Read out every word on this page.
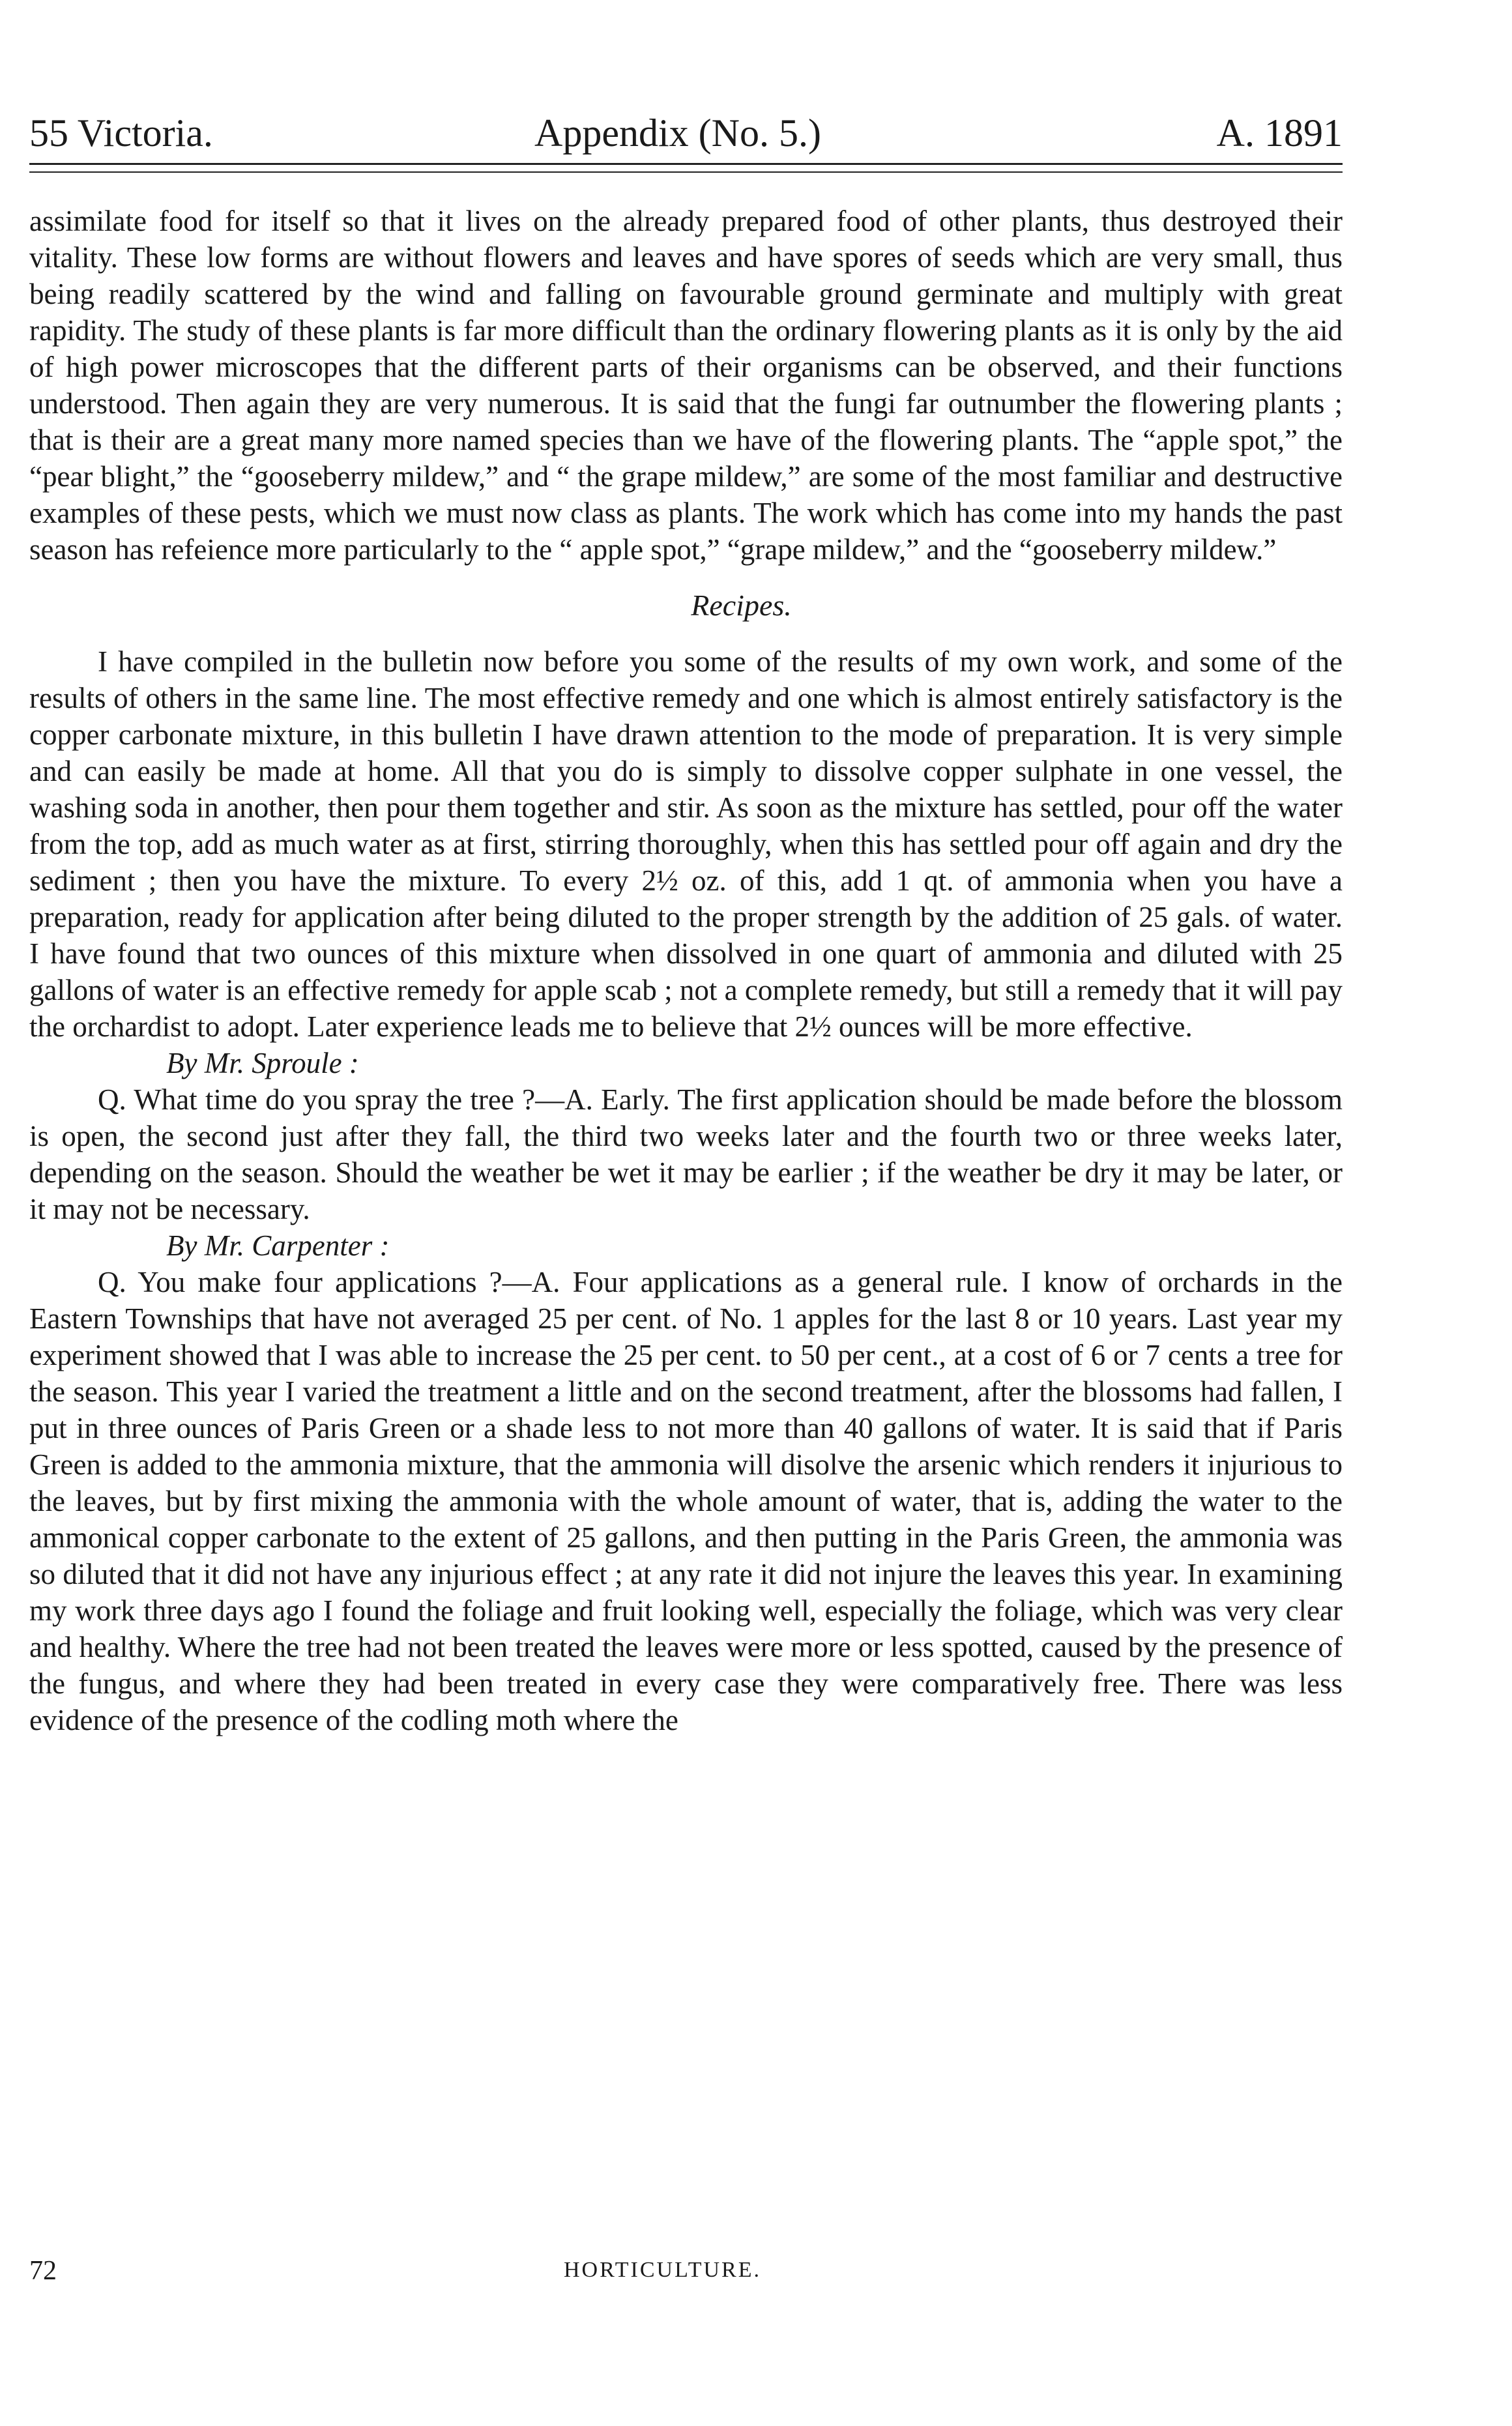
55 Victoria.	Appendix (No. 5.)	A. 1891

assimilate food for itself so that it lives on the already prepared food of other plants, thus destroyed their vitality. These low forms are without flowers and leaves and have spores of seeds which are very small, thus being readily scattered by the wind and falling on favourable ground germinate and multiply with great rapidity. The study of these plants is far more difficult than the ordinary flowering plants as it is only by the aid of high power microscopes that the different parts of their organisms can be observed, and their functions understood. Then again they are very numerous. It is said that the fungi far outnumber the flowering plants ; that is their are a great many more named species than we have of the flowering plants. The “apple spot,” the “pear blight,” the “gooseberry mildew,” and “ the grape mildew,” are some of the most familiar and destructive examples of these pests, which we must now class as plants. The work which has come into my hands the past season has refeience more particularly to the “ apple spot,” “grape mildew,” and the “gooseberry mildew.”

Recipes.

I have compiled in the bulletin now before you some of the results of my own work, and some of the results of others in the same line. The most effective remedy and one which is almost entirely satisfactory is the copper carbonate mixture, in this bulletin I have drawn attention to the mode of preparation. It is very simple and can easily be made at home. All that you do is simply to dissolve copper sulphate in one vessel, the washing soda in another, then pour them together and stir. As soon as the mixture has settled, pour off the water from the top, add as much water as at first, stirring thoroughly, when this has settled pour off again and dry the sediment ; then you have the mixture. To every 2½ oz. of this, add 1 qt. of ammonia when you have a preparation, ready for application after being diluted to the proper strength by the addition of 25 gals. of water. I have found that two ounces of this mixture when dissolved in one quart of ammonia and diluted with 25 gallons of water is an effective remedy for apple scab ; not a complete remedy, but still a remedy that it will pay the orchardist to adopt. Later experience leads me to believe that 2½ ounces will be more effective.

By Mr. Sproule :

Q. What time do you spray the tree ?—A. Early. The first application should be made before the blossom is open, the second just after they fall, the third two weeks later and the fourth two or three weeks later, depending on the season. Should the weather be wet it may be earlier ; if the weather be dry it may be later, or it may not be necessary.

By Mr. Carpenter :

Q. You make four applications ?—A. Four applications as a general rule. I know of orchards in the Eastern Townships that have not averaged 25 per cent. of No. 1 apples for the last 8 or 10 years. Last year my experiment showed that I was able to increase the 25 per cent. to 50 per cent., at a cost of 6 or 7 cents a tree for the season. This year I varied the treatment a little and on the second treatment, after the blossoms had fallen, I put in three ounces of Paris Green or a shade less to not more than 40 gallons of water. It is said that if Paris Green is added to the ammonia mixture, that the ammonia will disolve the arsenic which renders it injurious to the leaves, but by first mixing the ammonia with the whole amount of water, that is, adding the water to the ammonical copper carbonate to the extent of 25 gallons, and then putting in the Paris Green, the ammonia was so diluted that it did not have any injurious effect ; at any rate it did not injure the leaves this year. In examining my work three days ago I found the foliage and fruit looking well, especially the foliage, which was very clear and healthy. Where the tree had not been treated the leaves were more or less spotted, caused by the presence of the fungus, and where they had been treated in every case they were comparatively free. There was less evidence of the presence of the codling moth where the

72	HORTICULTURE.
